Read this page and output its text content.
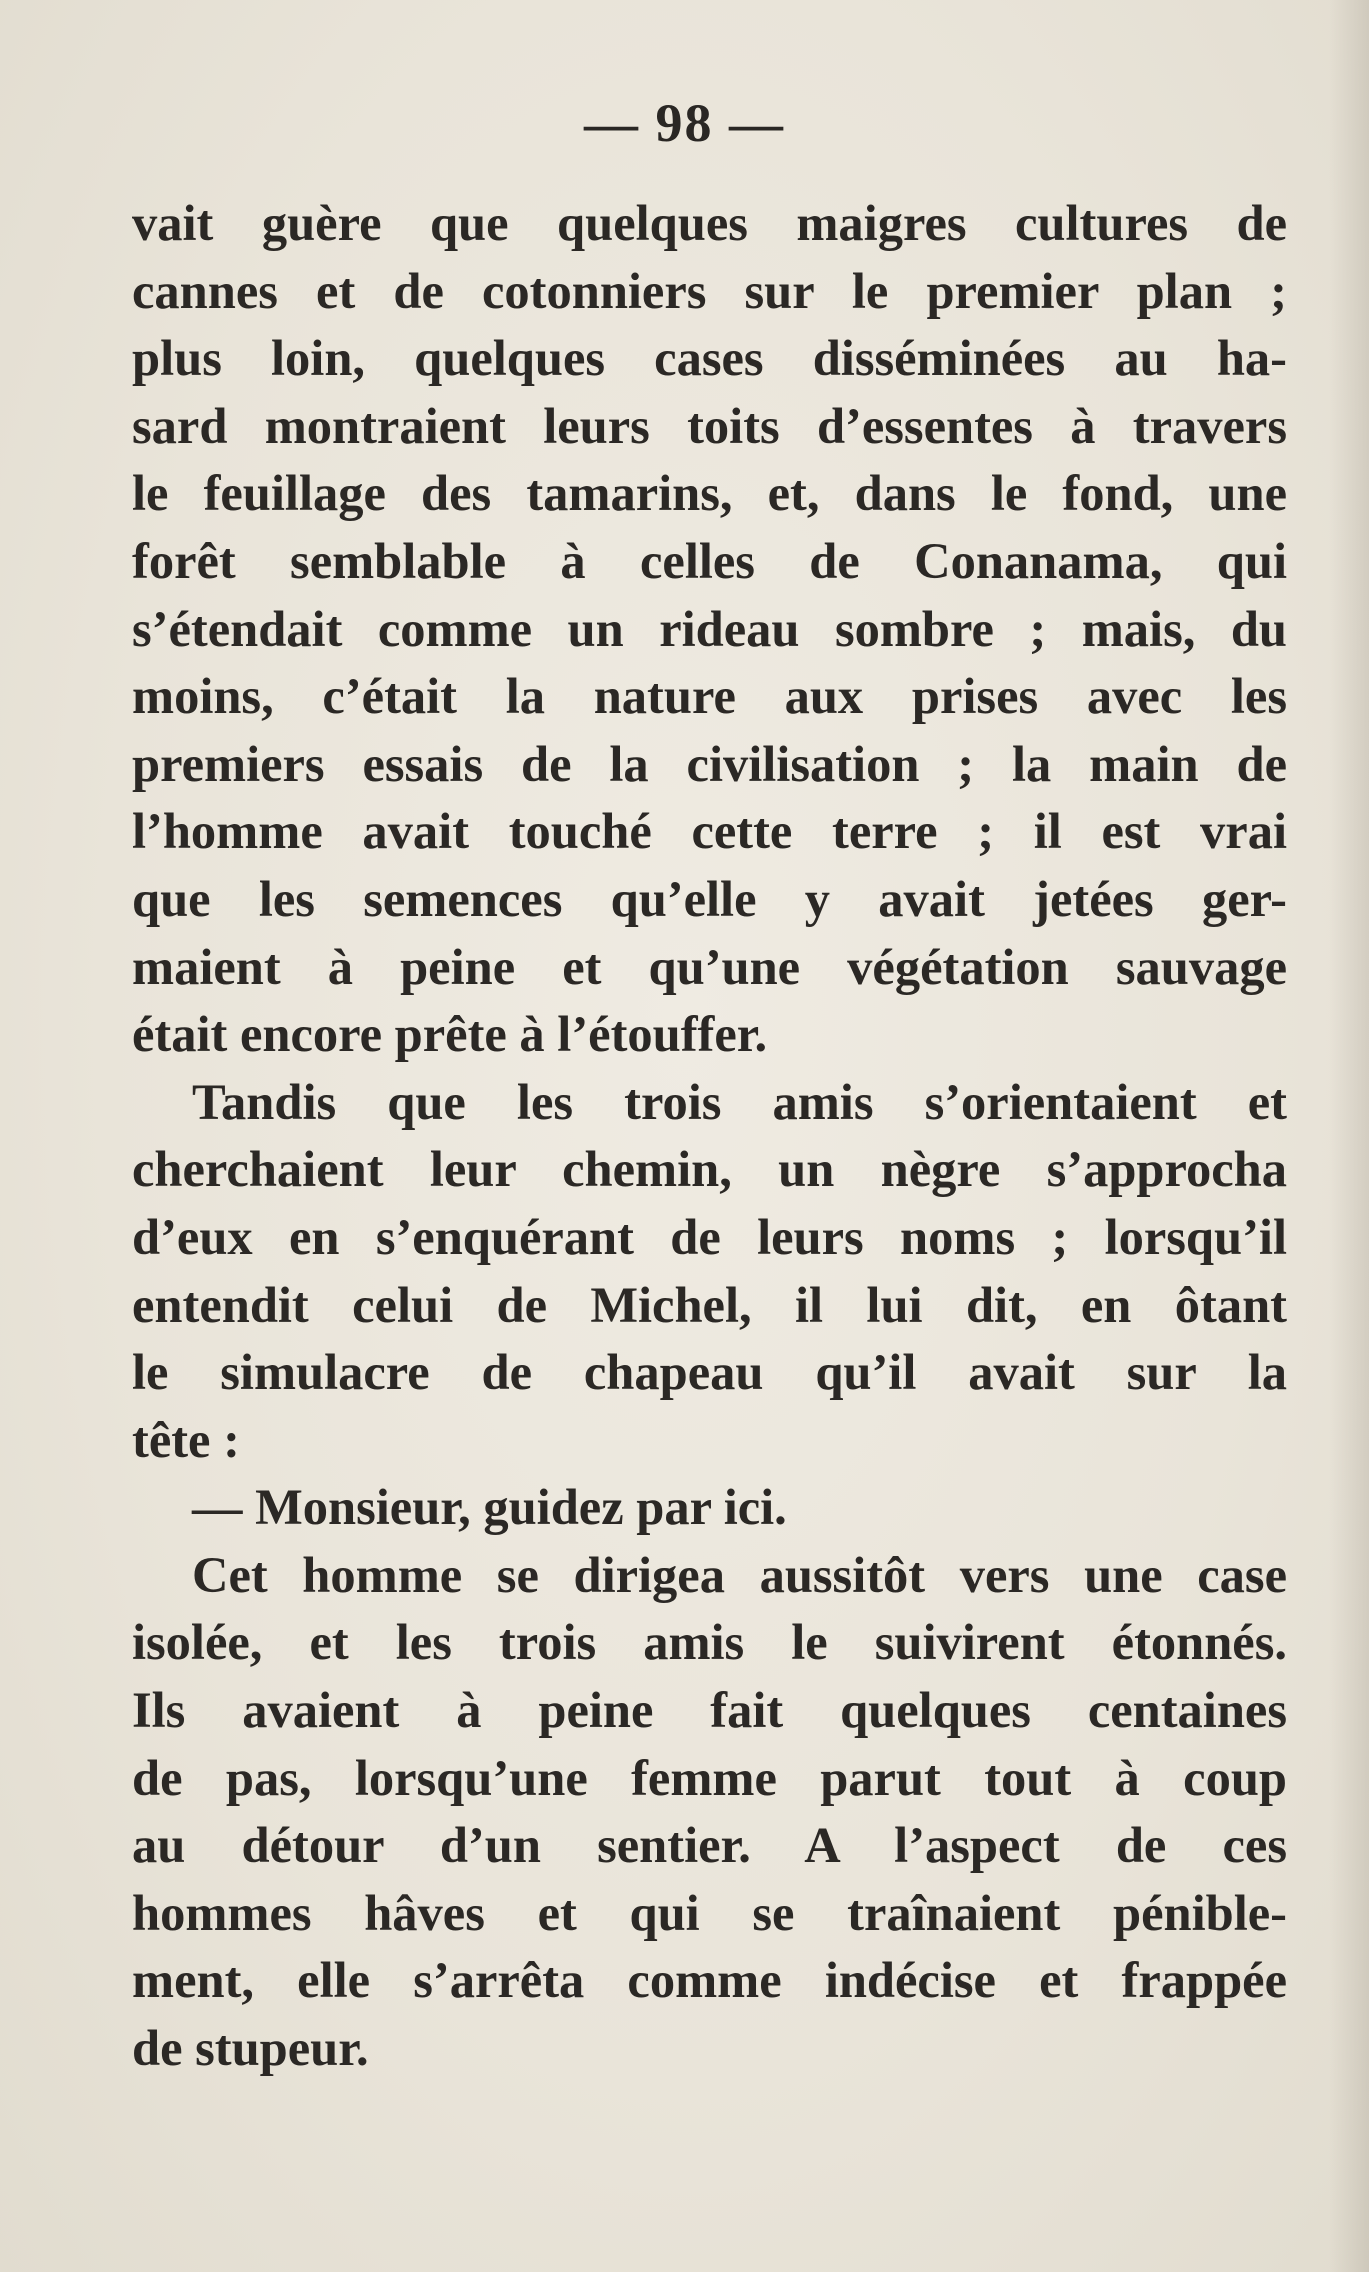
— 98 —
vait guère que quelques maigres cultures de
cannes et de cotonniers sur le premier plan ;
plus loin, quelques cases disséminées au ha-
sard montraient leurs toits d’essentes à travers
le feuillage des tamarins, et, dans le fond, une
forêt semblable à celles de Conanama, qui
s’étendait comme un rideau sombre ; mais, du
moins, c’était la nature aux prises avec les
premiers essais de la civilisation ; la main de
l’homme avait touché cette terre ; il est vrai
que les semences qu’elle y avait jetées ger-
maient à peine et qu’une végétation sauvage
était encore prête à l’étouffer.
Tandis que les trois amis s’orientaient et
cherchaient leur chemin, un nègre s’approcha
d’eux en s’enquérant de leurs noms ; lorsqu’il
entendit celui de Michel, il lui dit, en ôtant
le simulacre de chapeau qu’il avait sur la
tête :
— Monsieur, guidez par ici.
Cet homme se dirigea aussitôt vers une case
isolée, et les trois amis le suivirent étonnés.
Ils avaient à peine fait quelques centaines
de pas, lorsqu’une femme parut tout à coup
au détour d’un sentier. A l’aspect de ces
hommes hâves et qui se traînaient pénible-
ment, elle s’arrêta comme indécise et frappée
de stupeur.
